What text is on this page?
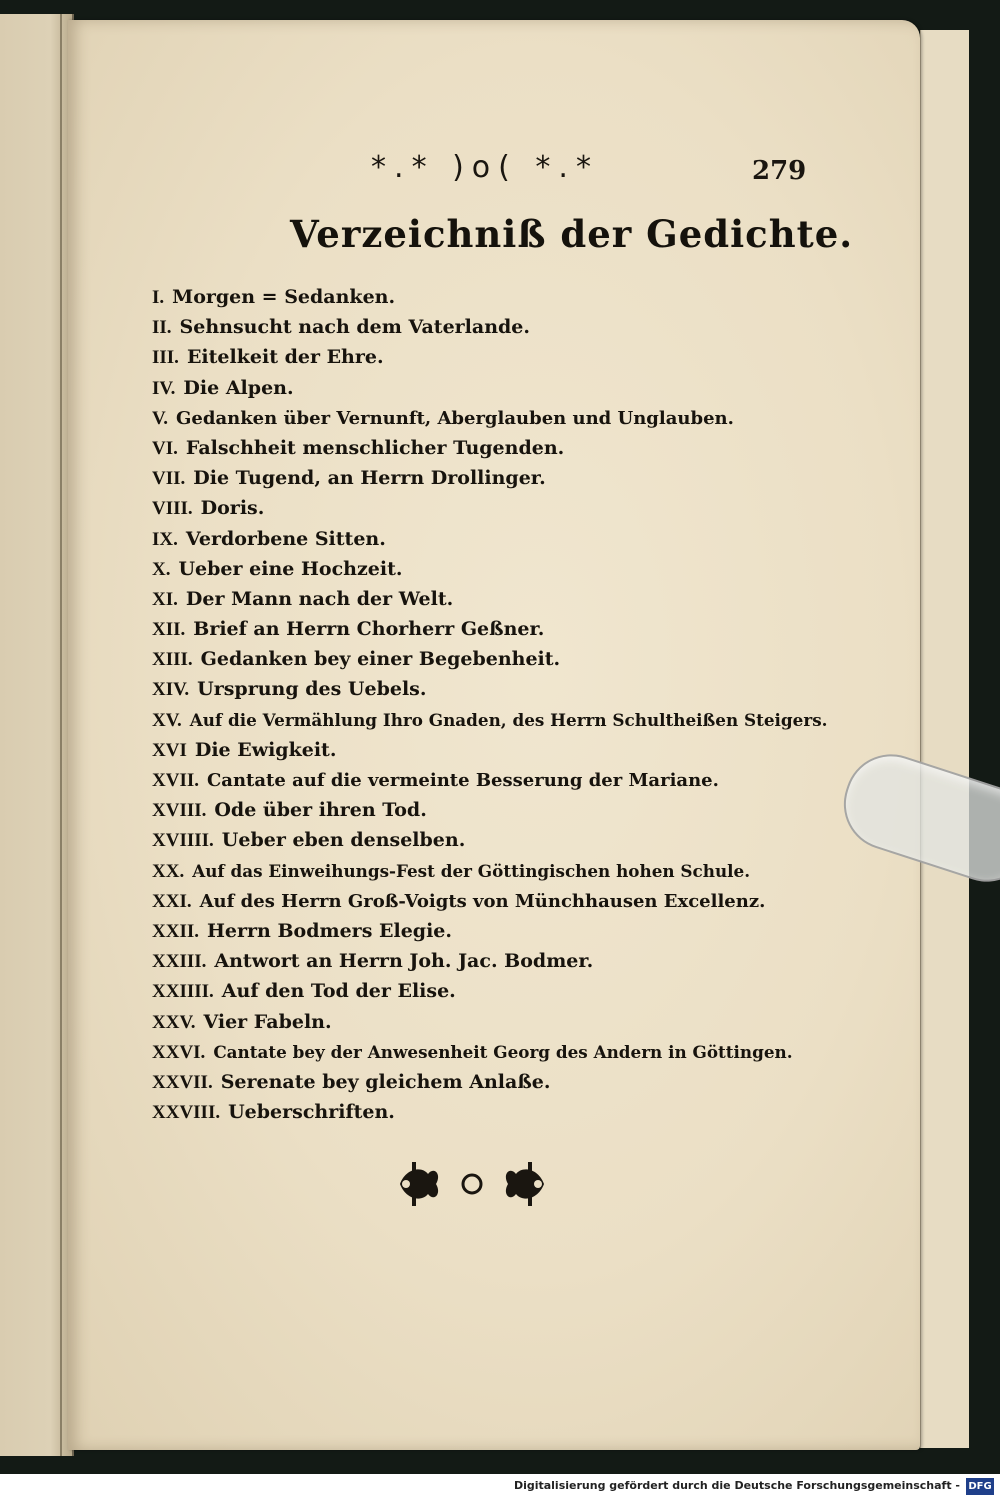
*.* )o( *.*	279
Verzeichniß der Gedichte.
I. Morgen = Sedanken.
II. Sehnsucht nach dem Vaterlande.
III. Eitelkeit der Ehre.
IV. Die Alpen.
V. Gedanken über Vernunft, Aberglauben und Unglauben.
VI. Falschheit menschlicher Tugenden.
VII. Die Tugend, an Herrn Drollinger.
VIII. Doris.
IX. Verdorbene Sitten.
X. Ueber eine Hochzeit.
XI. Der Mann nach der Welt.
XII. Brief an Herrn Chorherr Geßner.
XIII. Gedanken bey einer Begebenheit.
XIV. Ursprung des Uebels.
XV. Auf die Vermählung Ihro Gnaden, des Herrn Schultheißen Steigers.
XVI Die Ewigkeit.
XVII. Cantate auf die vermeinte Besserung der Mariane.
XVIII. Ode über ihren Tod.
XVIIII. Ueber eben denselben.
XX. Auf das Einweihungs-Fest der Göttingischen hohen Schule.
XXI. Auf des Herrn Groß-Voigts von Münchhausen Excellenz.
XXII. Herrn Bodmers Elegie.
XXIII. Antwort an Herrn Joh. Jac. Bodmer.
XXIIII. Auf den Tod der Elise.
XXV. Vier Fabeln.
XXVI. Cantate bey der Anwesenheit Georg des Andern in Göttingen.
XXVII. Serenate bey gleichem Anlaße.
XXVIII. Ueberschriften.
Digitalisierung gefördert durch die Deutsche Forschungsgemeinschaft - DFG
